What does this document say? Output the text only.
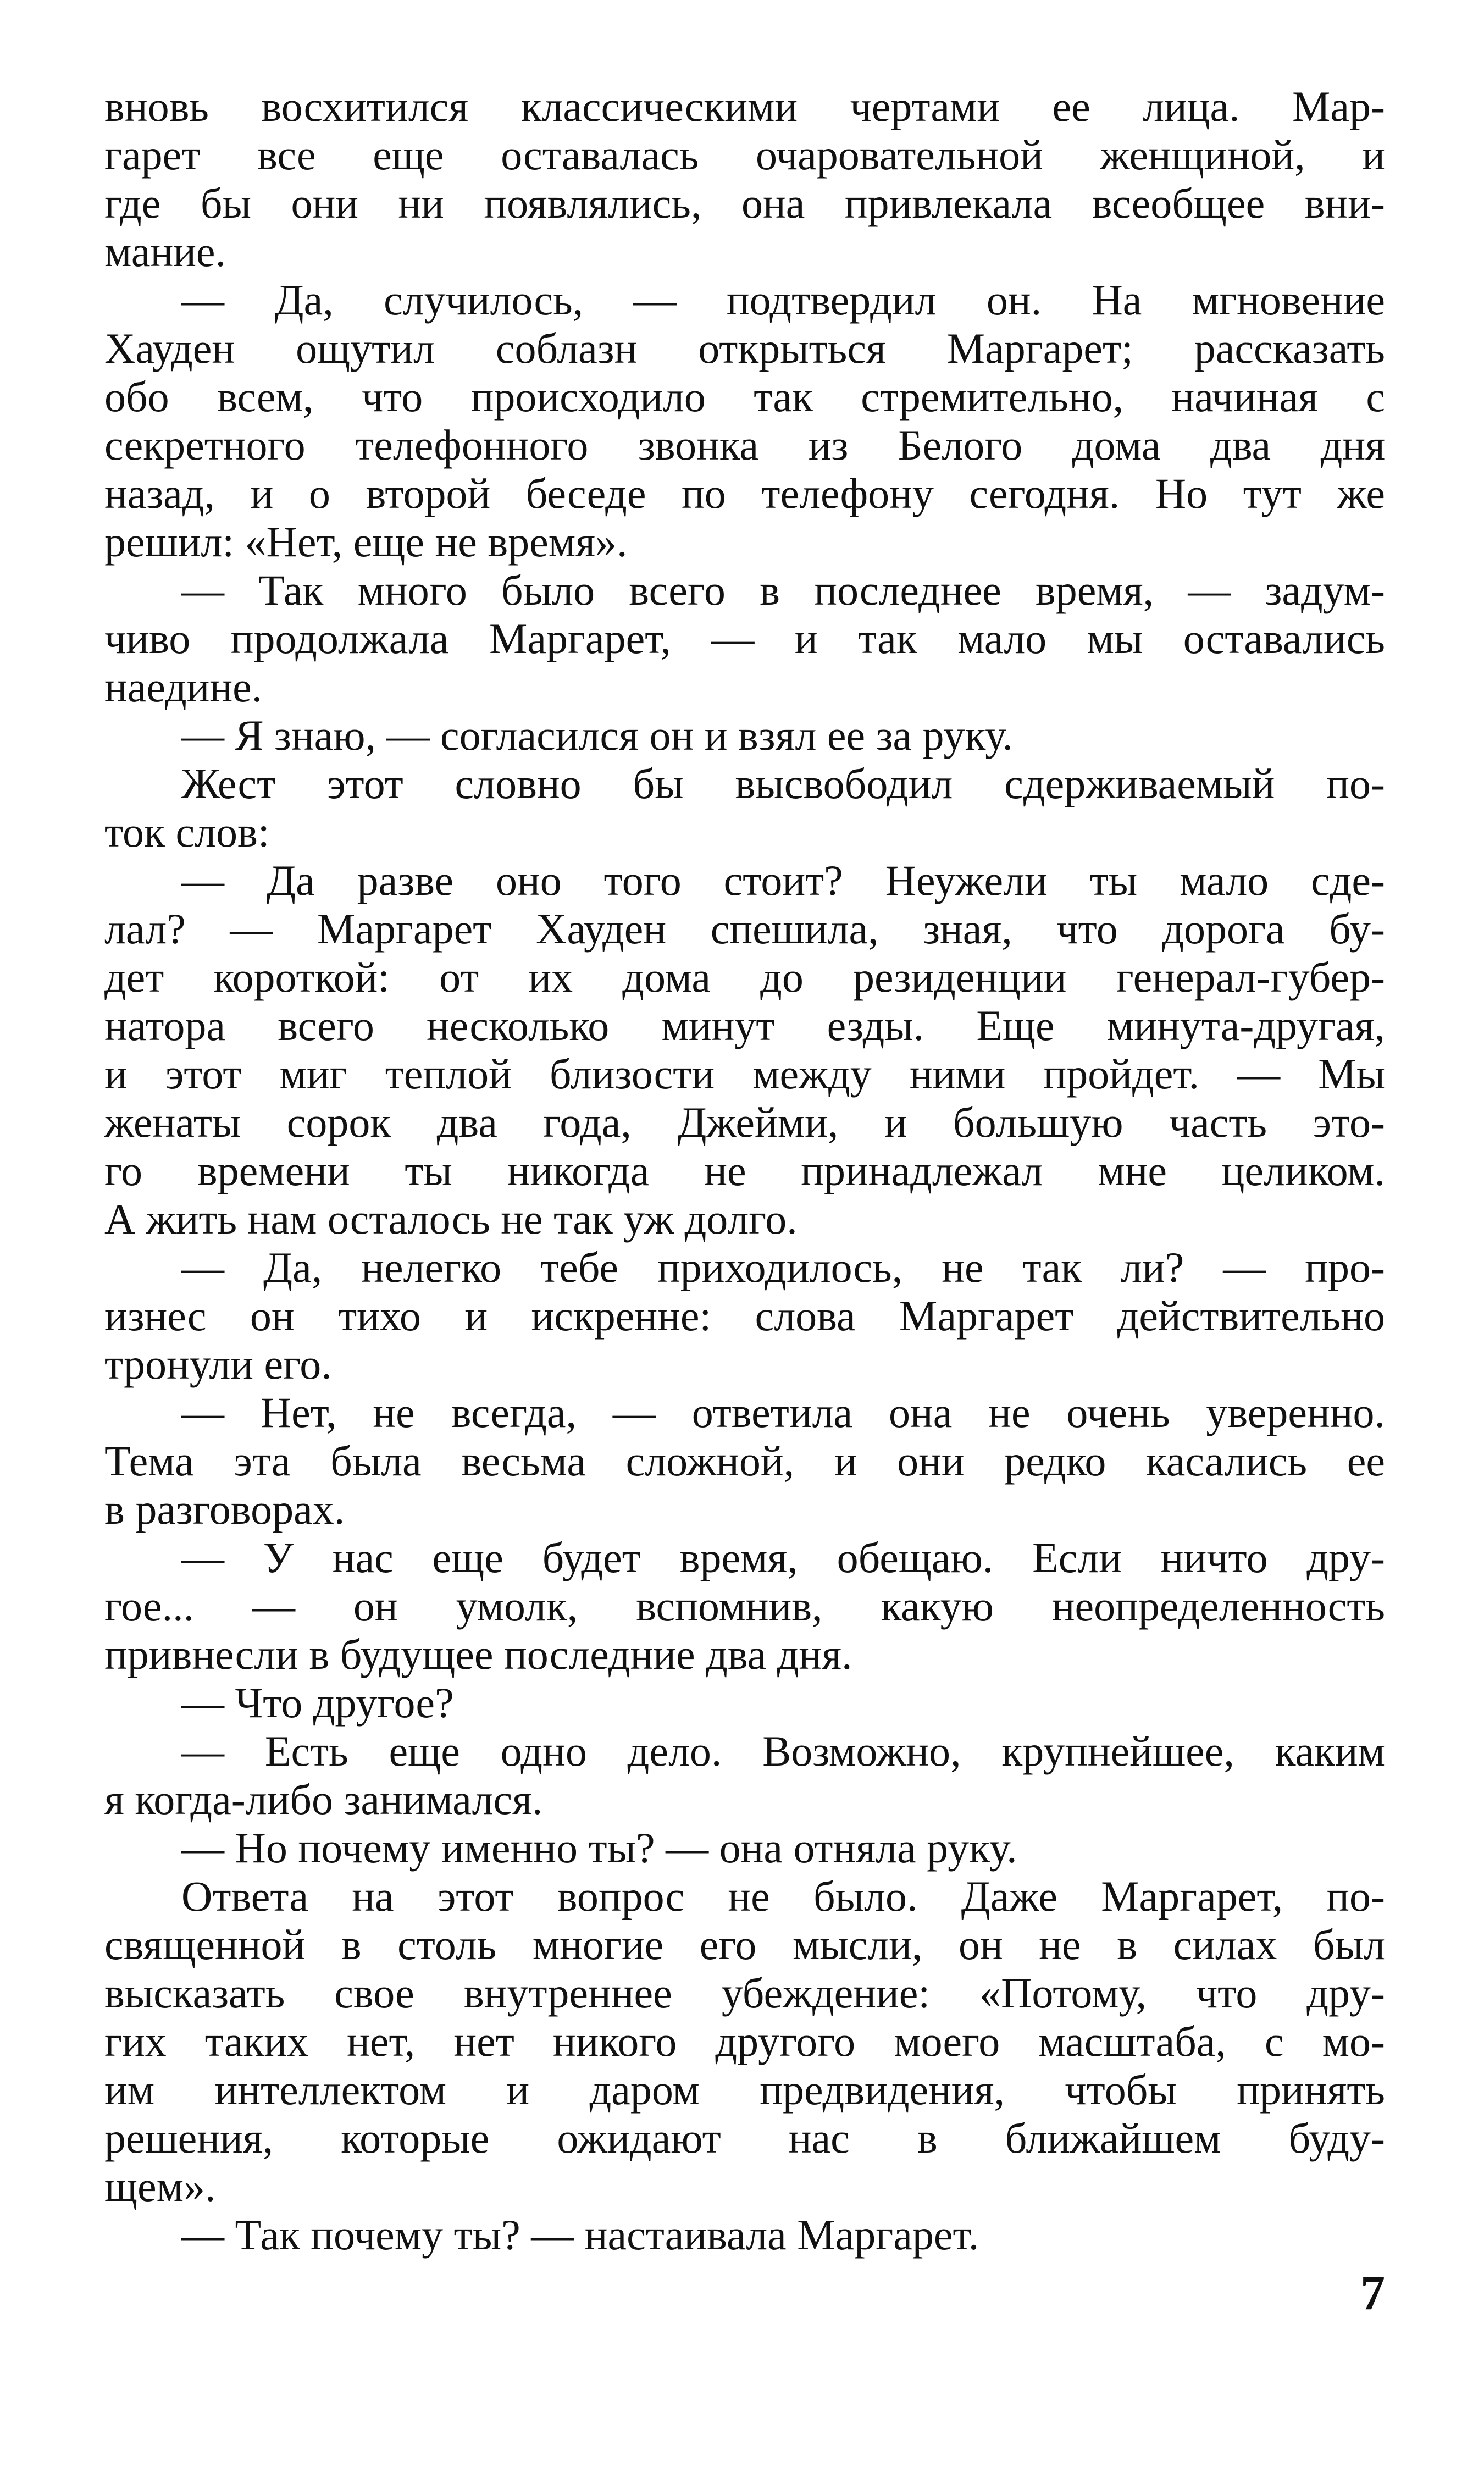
вновь восхитился классическими чертами ее лица. Мар-
гарет все еще оставалась очаровательной женщиной, и
где бы они ни появлялись, она привлекала всеобщее вни-
мание.
— Да, случилось, — подтвердил он. На мгновение
Хауден ощутил соблазн открыться Маргарет; рассказать
обо всем, что происходило так стремительно, начиная с
секретного телефонного звонка из Белого дома два дня
назад, и о второй беседе по телефону сегодня. Но тут же
решил: «Нет, еще не время».
— Так много было всего в последнее время, — задум-
чиво продолжала Маргарет, — и так мало мы оставались
наедине.
— Я знаю, — согласился он и взял ее за руку.
Жест этот словно бы высвободил сдерживаемый по-
ток слов:
— Да разве оно того стоит? Неужели ты мало сде-
лал? — Маргарет Хауден спешила, зная, что дорога бу-
дет короткой: от их дома до резиденции генерал-губер-
натора всего несколько минут езды. Еще минута-другая,
и этот миг теплой близости между ними пройдет. — Мы
женаты сорок два года, Джейми, и большую часть это-
го времени ты никогда не принадлежал мне целиком.
А жить нам осталось не так уж долго.
— Да, нелегко тебе приходилось, не так ли? — про-
изнес он тихо и искренне: слова Маргарет действительно
тронули его.
— Нет, не всегда, — ответила она не очень уверенно.
Тема эта была весьма сложной, и они редко касались ее
в разговорах.
— У нас еще будет время, обещаю. Если ничто дру-
гое... — он умолк, вспомнив, какую неопределенность
привнесли в будущее последние два дня.
— Что другое?
— Есть еще одно дело. Возможно, крупнейшее, каким
я когда-либо занимался.
— Но почему именно ты? — она отняла руку.
Ответа на этот вопрос не было. Даже Маргарет, по-
священной в столь многие его мысли, он не в силах был
высказать свое внутреннее убеждение: «Потому, что дру-
гих таких нет, нет никого другого моего масштаба, с мо-
им интеллектом и даром предвидения, чтобы принять
решения, которые ожидают нас в ближайшем буду-
щем».
— Так почему ты? — настаивала Маргарет.
7
